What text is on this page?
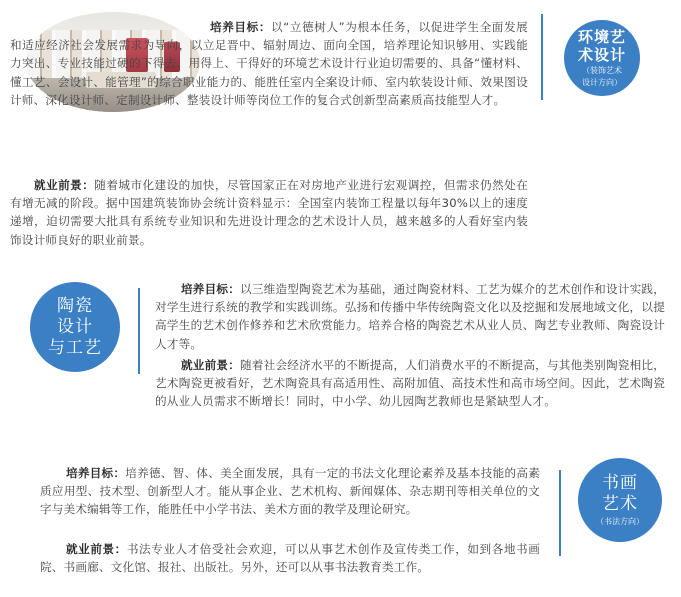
培养目标：以“立德树人”为根本任务，以促进学生全面发展和适应经济社会发展需求为导向，以立足晋中、辐射周边、面向全国，培养理论知识够用、实践能力突出、专业技能过硬的下得去、用得上、干得好的环境艺术设计行业迫切需要的、具备“懂材料、懂工艺、会设计、能管理”的综合职业能力的、能胜任室内全案设计师、室内软装设计师、效果图设计师、深化设计师、定制设计师、整装设计师等岗位工作的复合式创新型高素质高技能型人才。
就业前景：随着城市化建设的加快，尽管国家正在对房地产业进行宏观调控，但需求仍然处在有增无减的阶段。据中国建筑装饰协会统计资料显示：全国室内装饰工程量以每年30%以上的速度递增，迫切需要大批具有系统专业知识和先进设计理念的艺术设计人员，越来越多的人看好室内装饰设计师良好的职业前景。
环境艺
术设计
（装饰艺术
设计方向）
陶瓷
设计
与工艺
培养目标：以三维造型陶瓷艺术为基础，通过陶瓷材料、工艺为媒介的艺术创作和设计实践，对学生进行系统的教学和实践训练。弘扬和传播中华传统陶瓷文化以及挖掘和发展地域文化，以提高学生的艺术创作修养和艺术欣赏能力。培养合格的陶瓷艺术从业人员、陶艺专业教师、陶瓷设计人才等。
就业前景：随着社会经济水平的不断提高，人们消费水平的不断提高，与其他类别陶瓷相比，艺术陶瓷更被看好，艺术陶瓷具有高适用性、高附加值、高技术性和高市场空间。因此，艺术陶瓷的从业人员需求不断增长！同时，中小学、幼儿园陶艺教师也是紧缺型人才。
培养目标：培养德、智、体、美全面发展，具有一定的书法文化理论素养及基本技能的高素质应用型、技术型、创新型人才。能从事企业、艺术机构、新闻媒体、杂志期刊等相关单位的文字与美术编辑等工作，能胜任中小学书法、美术方面的教学及理论研究。
就业前景：书法专业人才倍受社会欢迎，可以从事艺术创作及宣传类工作，如到各地书画院、书画廊、文化馆、报社、出版社。另外，还可以从事书法教育类工作。
书画
艺术
（书法方向）
